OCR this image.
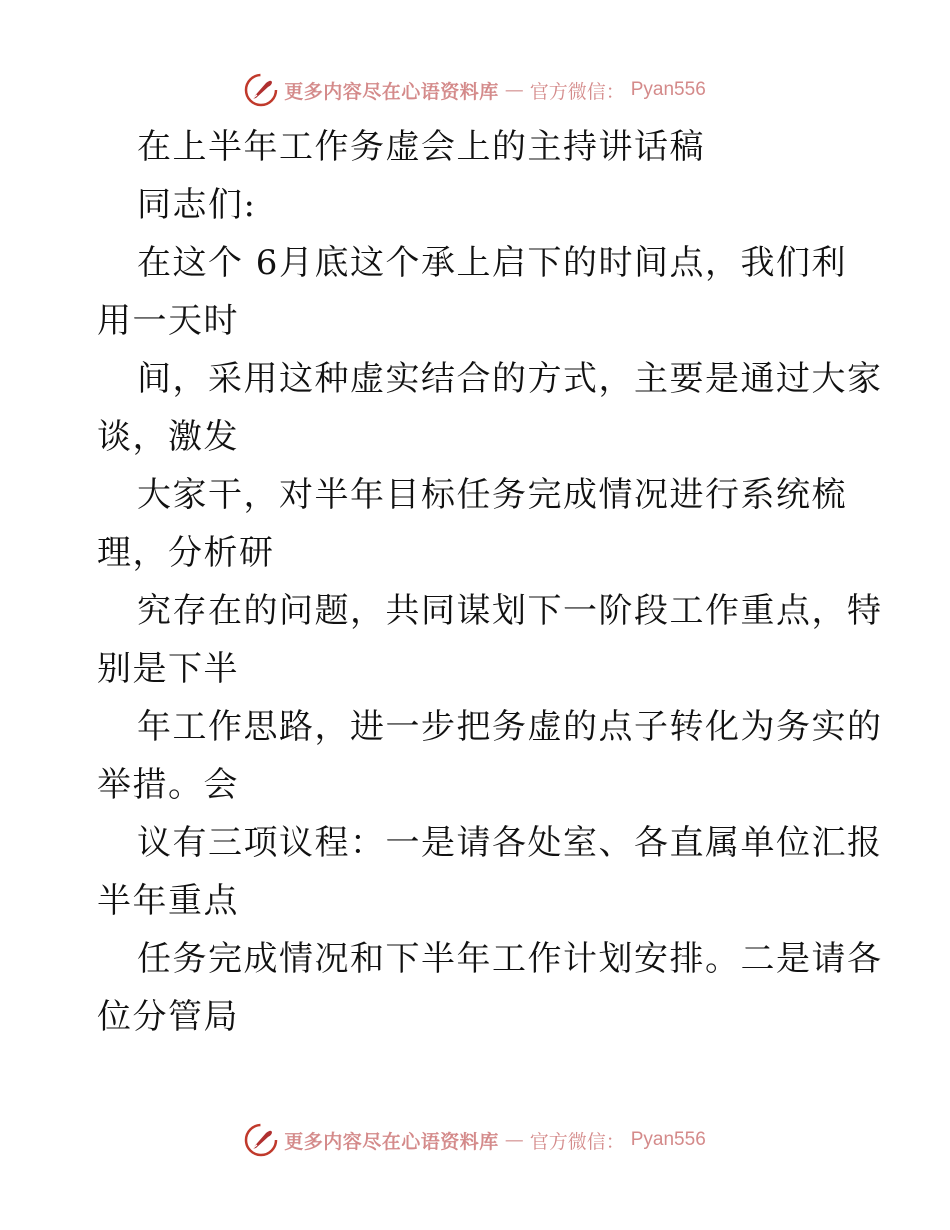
更多内容尽在心语资料库 — 官方微信： Pyan556
在上半年工作务虚会上的主持讲话稿
同志们:
在这个 6月底这个承上启下的时间点，我们利
用一天时
间，采用这种虚实结合的方式，主要是通过大家
谈，激发
大家干，对半年目标任务完成情况进行系统梳
理，分析研
究存在的问题，共同谋划下一阶段工作重点，特
别是下半
年工作思路，进一步把务虚的点子转化为务实的
举措。会
议有三项议程：一是请各处室、各直属单位汇报
半年重点
任务完成情况和下半年工作计划安排。二是请各
位分管局
更多内容尽在心语资料库 — 官方微信： Pyan556
